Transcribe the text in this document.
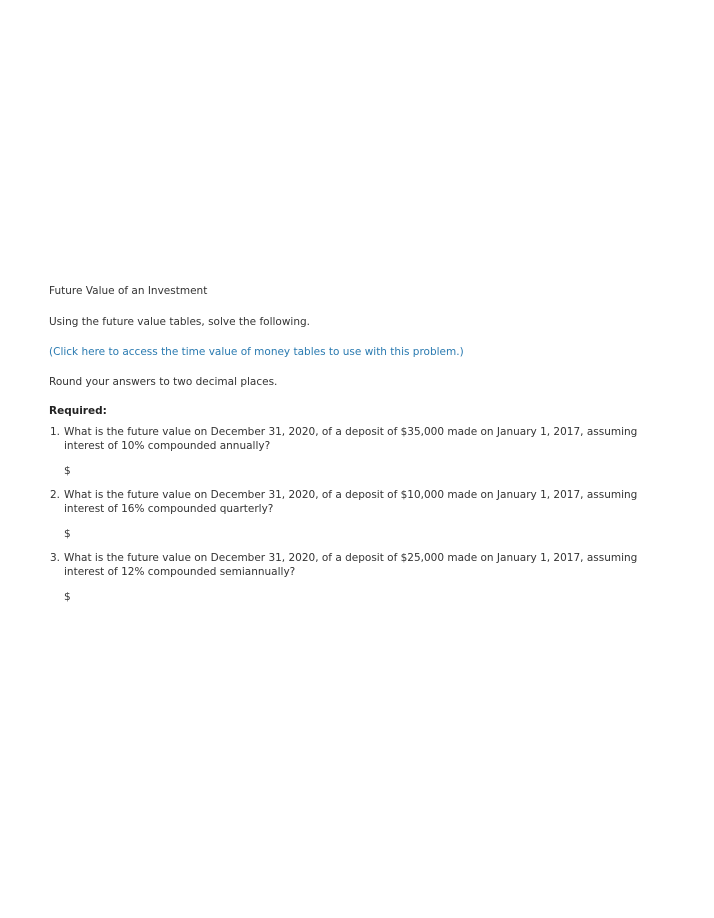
Future Value of an Investment

Using the future value tables, solve the following.

(Click here to access the time value of money tables to use with this problem.)

Round your answers to two decimal places.

Required:

1. What is the future value on December 31, 2020, of a deposit of $35,000 made on January 1, 2017, assuming interest of 10% compounded annually?
$
2. What is the future value on December 31, 2020, of a deposit of $10,000 made on January 1, 2017, assuming interest of 16% compounded quarterly?
$
3. What is the future value on December 31, 2020, of a deposit of $25,000 made on January 1, 2017, assuming interest of 12% compounded semiannually?
$
